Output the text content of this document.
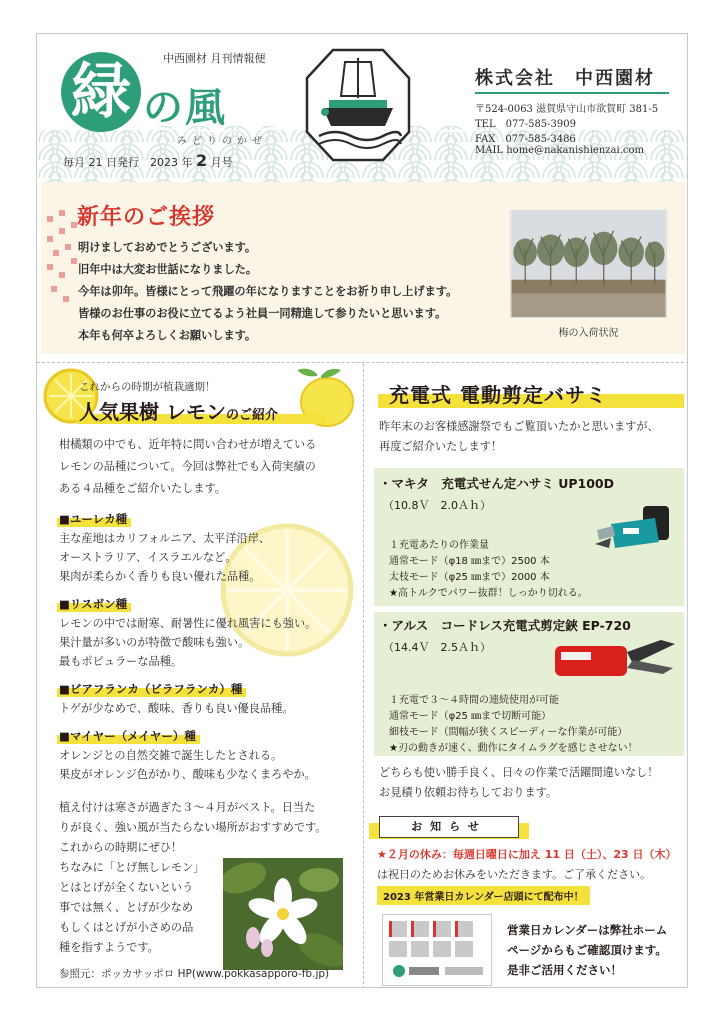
緑 の風
中西園材 月刊情報便
みどりのかぜ
毎月 21 日発行　2023 年 2 月号
株式会社　中西園材
〒524-0063 滋賀県守山市欲賀町 381-5
TEL　077-585-3909
FAX　077-585-3486
MAIL home@nakanishienzai.com
新年のご挨拶
明けましておめでとうございます。
旧年中は大変お世話になりました。
今年は卯年。皆様にとって飛躍の年になりますことをお祈り申し上げます。
皆様のお仕事のお役に立てるよう社員一同精進して参りたいと思います。
本年も何卒よろしくお願いします。	梅の入荷状況
これからの時期が植栽適期！
人気果樹 レモンのご紹介
柑橘類の中でも、近年特に問い合わせが増えている
レモンの品種について。今回は弊社でも入荷実績の
ある４品種をご紹介いたします。
■ユーレカ種
主な産地はカリフォルニア、太平洋沿岸、
オーストラリア、イスラエルなど。
果肉が柔らかく香りも良い優れた品種。
■リスボン種
レモンの中では耐寒、耐暑性に優れ風害にも強い。
果汁量が多いのが特徴で酸味も強い。
最もポピュラーな品種。
■ビアフランカ（ビラフランカ）種
トゲが少なめで、酸味、香りも良い優良品種。
■マイヤー（メイヤー）種
オレンジとの自然交雑で誕生したとされる。
果皮がオレンジ色がかり、酸味も少なくまろやか。
植え付けは寒さが過ぎた３～４月がベスト。日当た
りが良く、強い風が当たらない場所がおすすめです。
これからの時期にぜひ！
ちなみに「とげ無しレモン」
とはとげが全くないという
事では無く、とげが少なめ
もしくはとげが小さめの品
種を指すようです。
参照元：ポッカサッポロ HP(www.pokkasapporo-fb.jp)
充電式 電動剪定バサミ
昨年末のお客様感謝祭でもご覧頂いたかと思いますが、
再度ご紹介いたします！
・マキタ　充電式せん定ハサミ UP100D
（10.8Ｖ　2.0Ａｈ）
１充電あたりの作業量
通常モード（φ18 ㎜まで）2500 本
太枝モード（φ25 ㎜まで）2000 本
★高トルクでパワー抜群！しっかり切れる。
・アルス　コードレス充電式剪定鋏 EP-720
（14.4Ｖ　2.5Ａｈ）
１充電で３～４時間の連続使用が可能
通常モード（φ25 ㎜まで切断可能）
細枝モード（間幅が狭くスピーディーな作業が可能）
★刃の動きが速く、動作にタイムラグを感じさせない！
どちらも使い勝手良く、日々の作業で活躍間違いなし！
お見積り依頼お待ちしております。
お知らせ
★２月の休み：毎週日曜日に加え 11 日（土）、23 日（木）
は祝日のためお休みをいただきます。ご了承ください。
2023 年営業日カレンダー店頭にて配布中！
営業日カレンダーは弊社ホーム
ページからもご確認頂けます。
是非ご活用ください！
